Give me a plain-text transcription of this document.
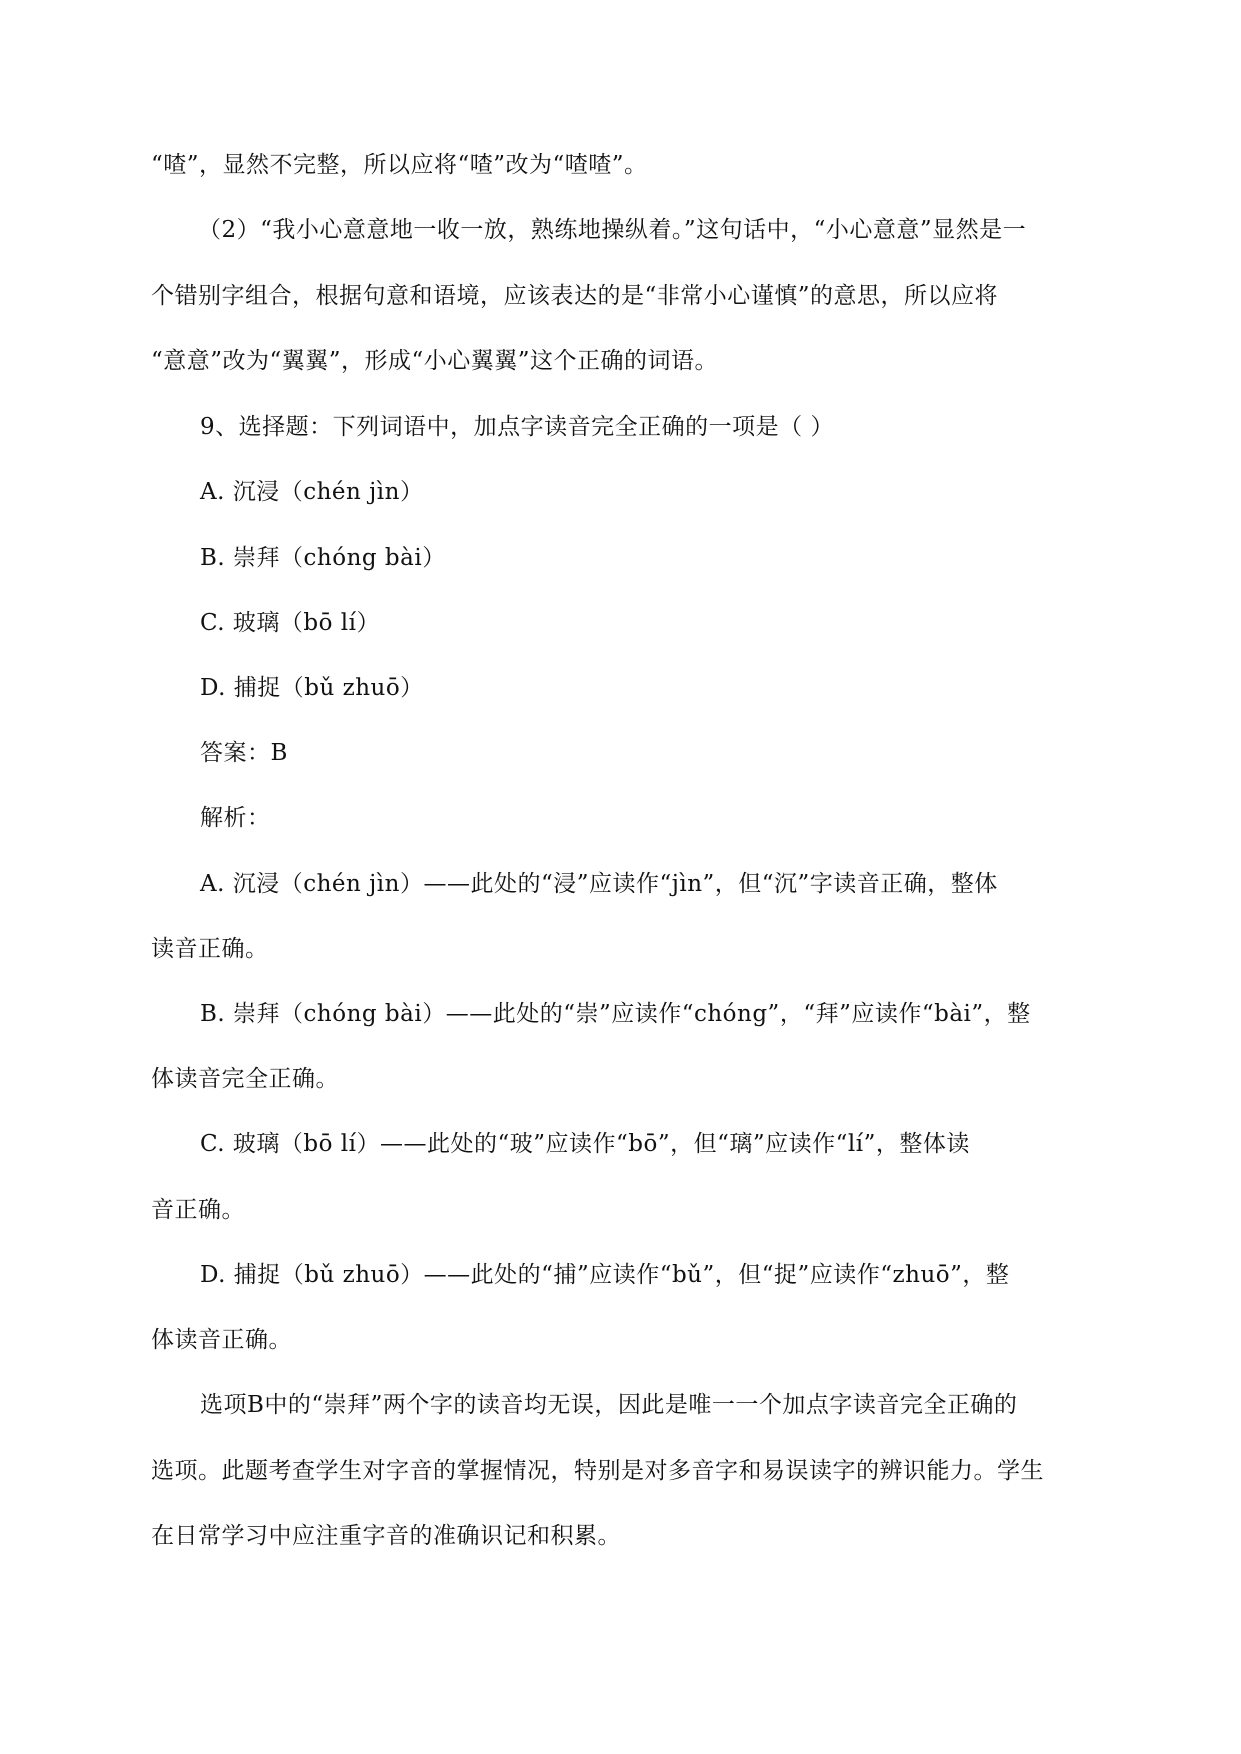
“喳”，显然不完整，所以应将“喳”改为“喳喳”。
（2）“我小心意意地一收一放，熟练地操纵着。”这句话中，“小心意意”显然是一
个错别字组合，根据句意和语境，应该表达的是“非常小心谨慎”的意思，所以应将
“意意”改为“翼翼”，形成“小心翼翼”这个正确的词语。
9、选择题：下列词语中，加点字读音完全正确的一项是（ ）
A. 沉浸（chén jìn）
B. 崇拜（chóng bài）
C. 玻璃（bō lí）
D. 捕捉（bǔ zhuō）
答案：B
解析：
A. 沉浸（chén jìn）——此处的“浸”应读作“jìn”，但“沉”字读音正确，整体
读音正确。
B. 崇拜（chóng bài）——此处的“崇”应读作“chóng”，“拜”应读作“bài”，整
体读音完全正确。
C. 玻璃（bō lí）——此处的“玻”应读作“bō”，但“璃”应读作“lí”，整体读
音正确。
D. 捕捉（bǔ zhuō）——此处的“捕”应读作“bǔ”，但“捉”应读作“zhuō”，整
体读音正确。
选项B中的“崇拜”两个字的读音均无误，因此是唯一一个加点字读音完全正确的
选项。此题考查学生对字音的掌握情况，特别是对多音字和易误读字的辨识能力。学生
在日常学习中应注重字音的准确识记和积累。
